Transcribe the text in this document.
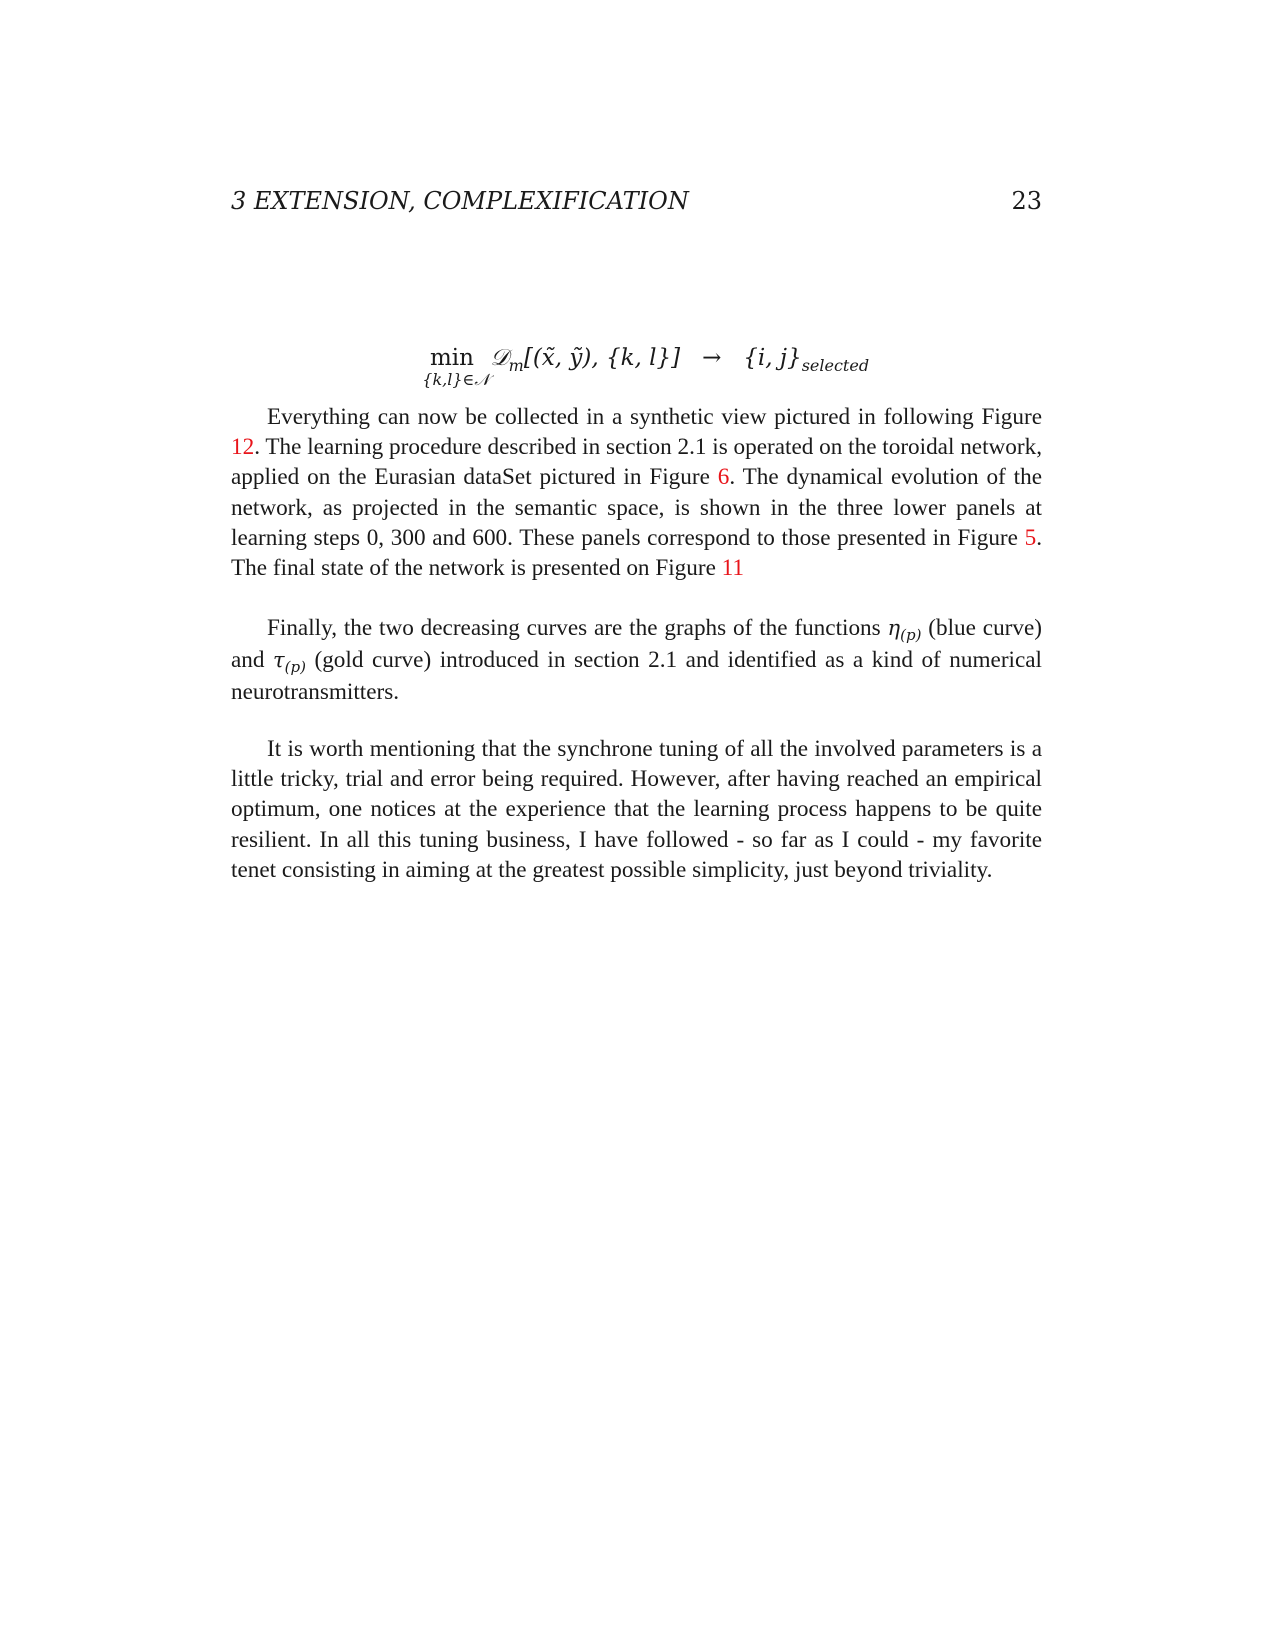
3 EXTENSION, COMPLEXIFICATION	23
min
{k,l}∈𝒩
𝒟$_m$[(x̃, ỹ), {k, l}] → {i, $j\}_{selected}$

Everything can now be collected in a synthetic view pictured in following Figure 12. The learning procedure described in section 2.1 is operated on the toroidal network, applied on the Eurasian dataSet pictured in Figure 6. The dynamical evolution of the network, as projected in the semantic space, is shown in the three lower panels at learning steps 0, 300 and 600. These panels correspond to those presented in Figure 5. The final state of the network is presented on Figure 11

Finally, the two decreasing curves are the graphs of the functions $\eta_{(p)}$ (blue curve) and $\tau_{(p)}$ (gold curve) introduced in section 2.1 and identified as a kind of numerical neurotransmitters.

It is worth mentioning that the synchrone tuning of all the involved parameters is a little tricky, trial and error being required. However, after having reached an empirical optimum, one notices at the experience that the learning process happens to be quite resilient. In all this tuning business, I have followed - so far as I could - my favorite tenet consisting in aiming at the greatest possible simplicity, just beyond triviality.
